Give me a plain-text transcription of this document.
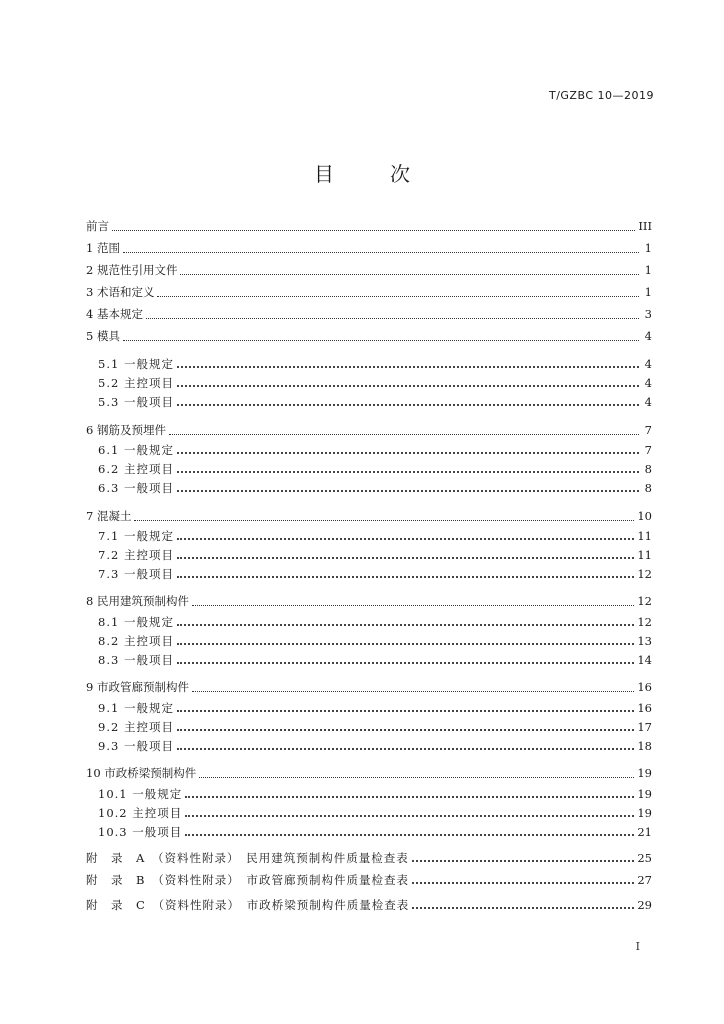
T/GZBC 10—2019
目　次
前言	III
1 范围	1
2 规范性引用文件	1
3 术语和定义	1
4 基本规定	3
5 模具	4
5.1 一般规定	4
5.2 主控项目	4
5.3 一般项目	4
6 钢筋及预埋件	7
6.1 一般规定	7
6.2 主控项目	8
6.3 一般项目	8
7 混凝土	10
7.1 一般规定	11
7.2 主控项目	11
7.3 一般项目	12
8 民用建筑预制构件	12
8.1 一般规定	12
8.2 主控项目	13
8.3 一般项目	14
9 市政管廊预制构件	16
9.1 一般规定	16
9.2 主控项目	17
9.3 一般项目	18
10 市政桥梁预制构件	19
10.1 一般规定	19
10.2 主控项目	19
10.3 一般项目	21
附　录　A　（资料性附录）　民用建筑预制构件质量检查表	25
附　录　B　（资料性附录）　市政管廊预制构件质量检查表	27
附　录　C　（资料性附录）　市政桥梁预制构件质量检查表	29
I
